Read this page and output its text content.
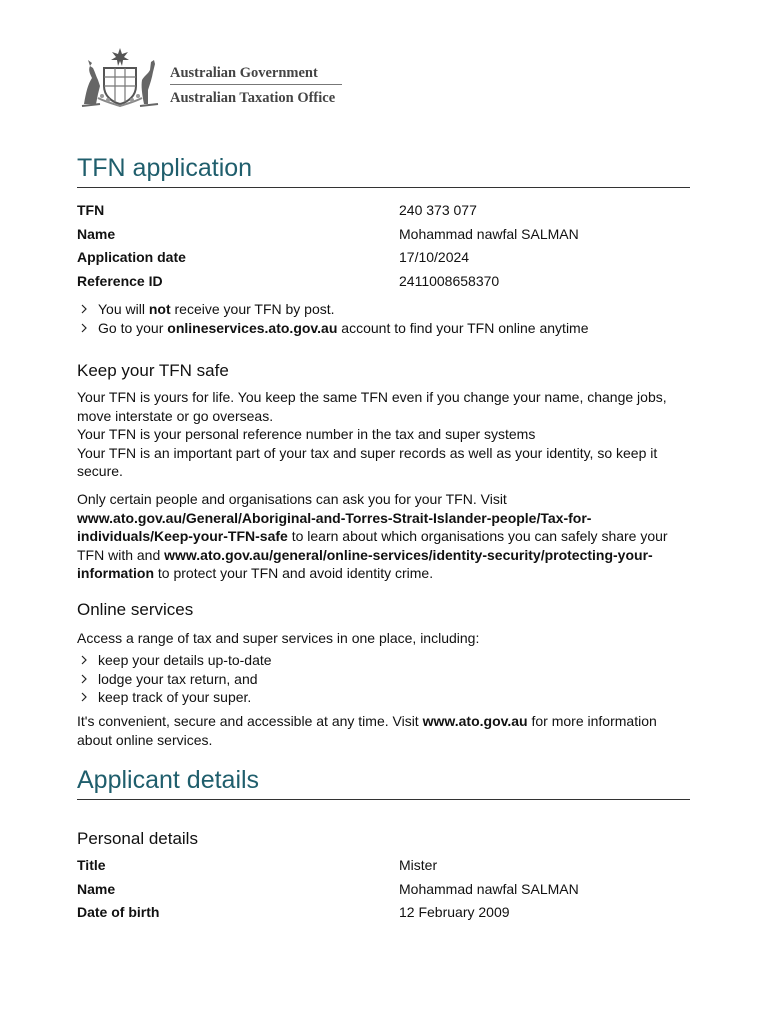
Australian Government
Australian Taxation Office
TFN application
TFN	240 373 077
Name	Mohammad nawfal SALMAN
Application date	17/10/2024
Reference ID	2411008658370
You will not receive your TFN by post.
Go to your onlineservices.ato.gov.au account to find your TFN online anytime
Keep your TFN safe
Your TFN is yours for life. You keep the same TFN even if you change your name, change jobs, move interstate or go overseas.
Your TFN is your personal reference number in the tax and super systems
Your TFN is an important part of your tax and super records as well as your identity, so keep it secure.

Only certain people and organisations can ask you for your TFN. Visit www.ato.gov.au/General/Aboriginal-and-Torres-Strait-Islander-people/Tax-for-individuals/Keep-your-TFN-safe to learn about which organisations you can safely share your TFN with and www.ato.gov.au/general/online-services/identity-security/protecting-your-information to protect your TFN and avoid identity crime.

Online services

Access a range of tax and super services in one place, including:

keep your details up-to-date
lodge your tax return, and
keep track of your super.

It's convenient, secure and accessible at any time. Visit www.ato.gov.au for more information about online services.

Applicant details
Personal details
Title	Mister
Name	Mohammad nawfal SALMAN
Date of birth	12 February 2009
